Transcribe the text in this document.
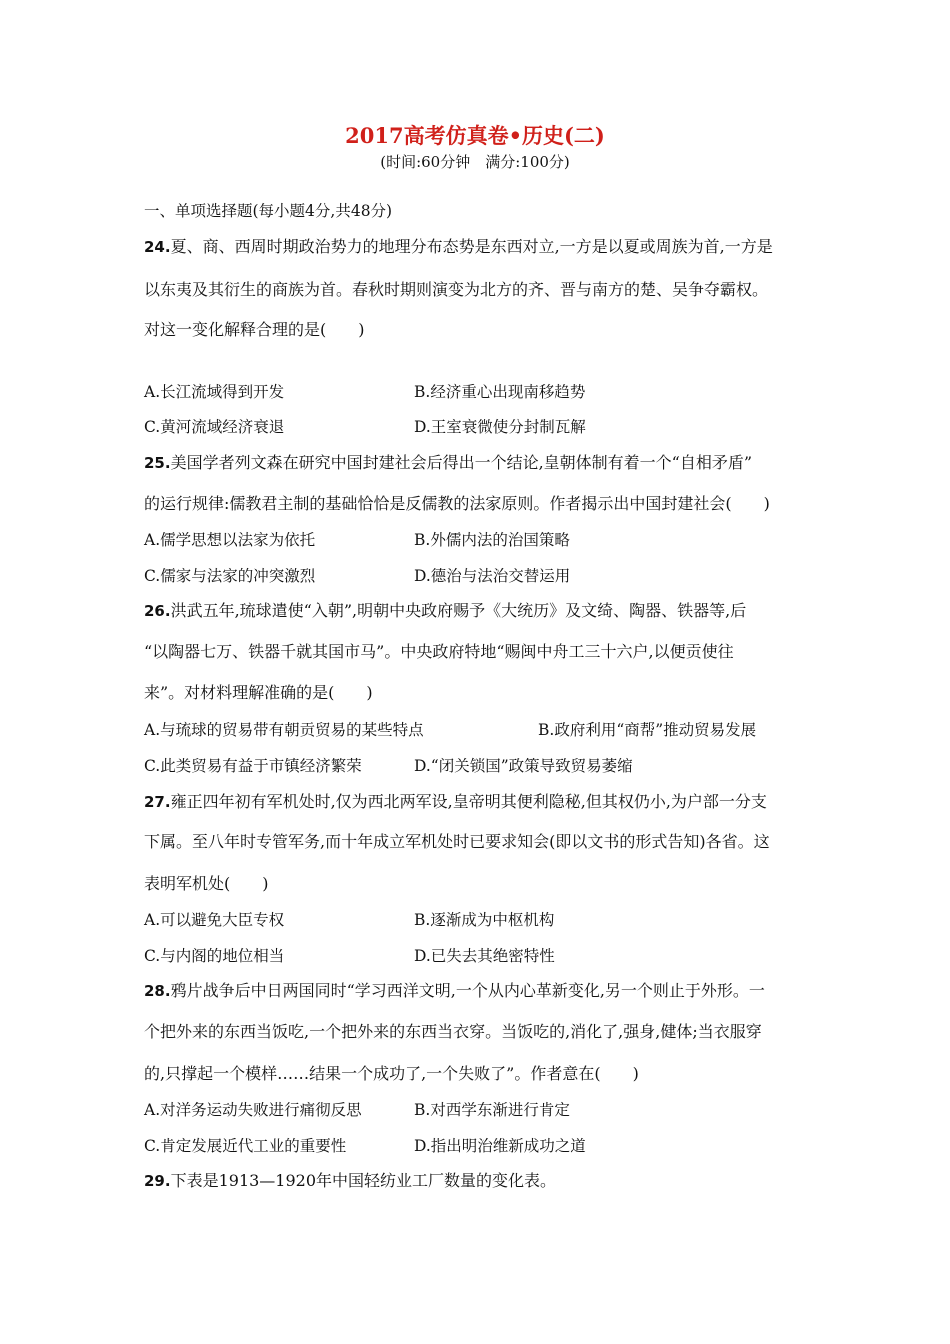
2017高考仿真卷•历史(二)
(时间:60分钟　满分:100分)
一、单项选择题(每小题4分,共48分)
24.夏、商、西周时期政治势力的地理分布态势是东西对立,一方是以夏或周族为首,一方是
以东夷及其衍生的商族为首。春秋时期则演变为北方的齐、晋与南方的楚、吴争夺霸权。
对这一变化解释合理的是(　　)
A.长江流域得到开发	B.经济重心出现南移趋势
C.黄河流域经济衰退	D.王室衰微使分封制瓦解
25.美国学者列文森在研究中国封建社会后得出一个结论,皇朝体制有着一个“自相矛盾”
的运行规律:儒教君主制的基础恰恰是反儒教的法家原则。作者揭示出中国封建社会(　　)
A.儒学思想以法家为依托	B.外儒内法的治国策略
C.儒家与法家的冲突激烈	D.德治与法治交替运用
26.洪武五年,琉球遣使“入朝”,明朝中央政府赐予《大统历》及文绮、陶器、铁器等,后
“以陶器七万、铁器千就其国市马”。中央政府特地“赐闽中舟工三十六户,以便贡使往
来”。对材料理解准确的是(　　)
A.与琉球的贸易带有朝贡贸易的某些特点	B.政府利用“商帮”推动贸易发展
C.此类贸易有益于市镇经济繁荣	D.“闭关锁国”政策导致贸易萎缩
27.雍正四年初有军机处时,仅为西北两军设,皇帝明其便利隐秘,但其权仍小,为户部一分支
下属。至八年时专管军务,而十年成立军机处时已要求知会(即以文书的形式告知)各省。这
表明军机处(　　)
A.可以避免大臣专权	B.逐渐成为中枢机构
C.与内阁的地位相当	D.已失去其绝密特性
28.鸦片战争后中日两国同时“学习西洋文明,一个从内心革新变化,另一个则止于外形。一
个把外来的东西当饭吃,一个把外来的东西当衣穿。当饭吃的,消化了,强身,健体;当衣服穿
的,只撑起一个模样……结果一个成功了,一个失败了”。作者意在(　　)
A.对洋务运动失败进行痛彻反思	B.对西学东渐进行肯定
C.肯定发展近代工业的重要性	D.指出明治维新成功之道
29.下表是1913—1920年中国轻纺业工厂数量的变化表。
